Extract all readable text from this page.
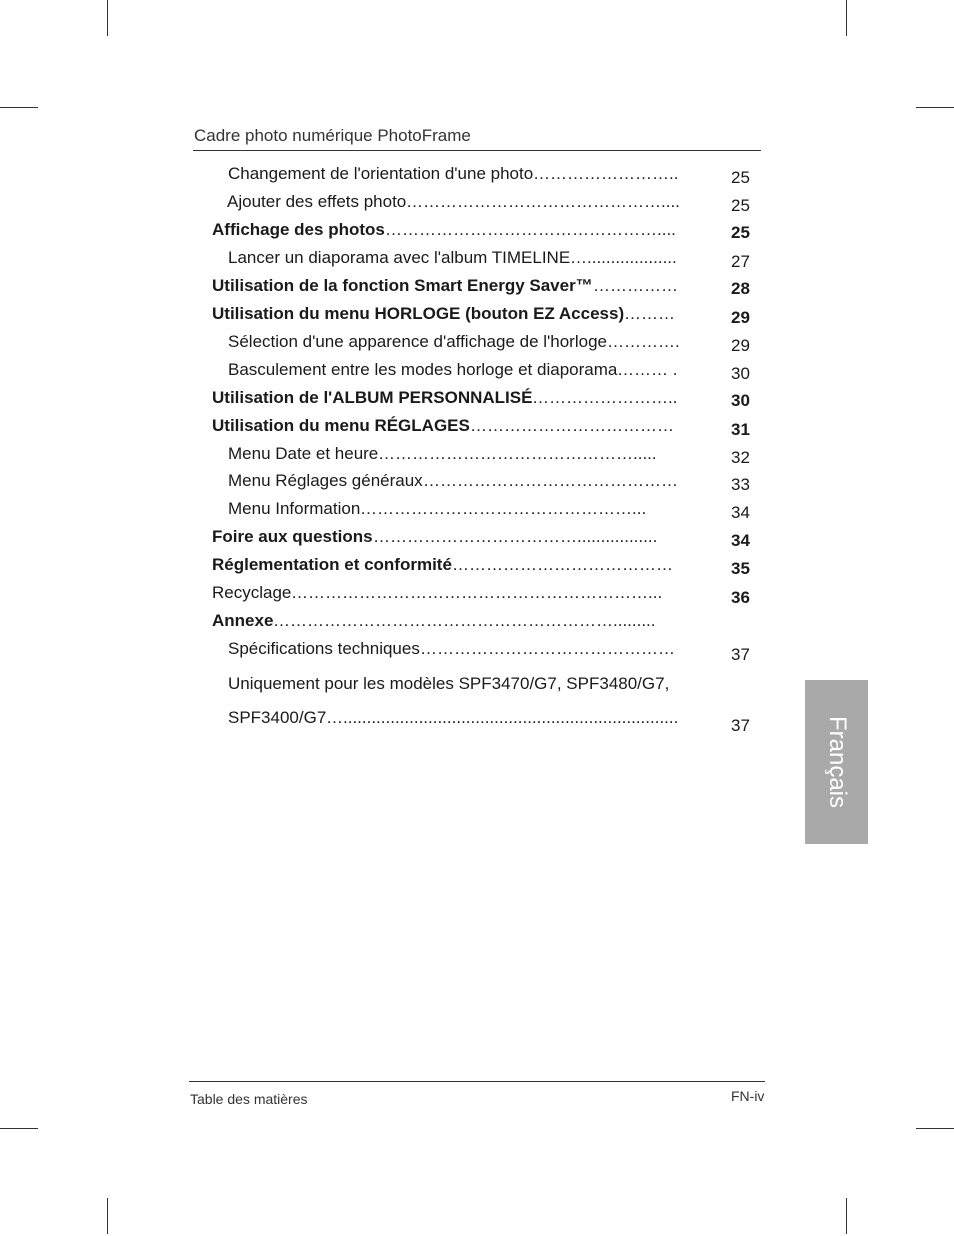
Cadre photo numérique PhotoFrame
Changement de l'orientation d'une photo ……………………..	25
Ajouter des effets photo ………………………………………....	25
Affichage des photos …………………………………………....	25
Lancer un diaporama avec l'album TIMELINE …...................	27
Utilisation de la fonction Smart Energy Saver™ ……………	28
Utilisation du menu HORLOGE (bouton EZ Access) ………	29
Sélection d'une apparence d'affichage de l'horloge ………….	29
Basculement entre les modes horloge et diaporama ……… .	30
Utilisation de l'ALBUM PERSONNALISÉ ……………………..	30
Utilisation du menu RÉGLAGES ………………………………	31
Menu Date et heure ……………………………………….....	32
Menu Réglages généraux ………………………………………	33
Menu Information …………………………………………...	34
Foire aux questions ……………………………….................	34
Réglementation et conformité …………………………………	35
Recyclage ………………………………………………………...	36
Annexe …………………………………………………….........
Spécifications techniques ………………………………………	37
Uniquement pour les modèles SPF3470/G7, SPF3480/G7,
SPF3400/G7 ….......................................................................	37	Français
Table des matières	FN-iv
